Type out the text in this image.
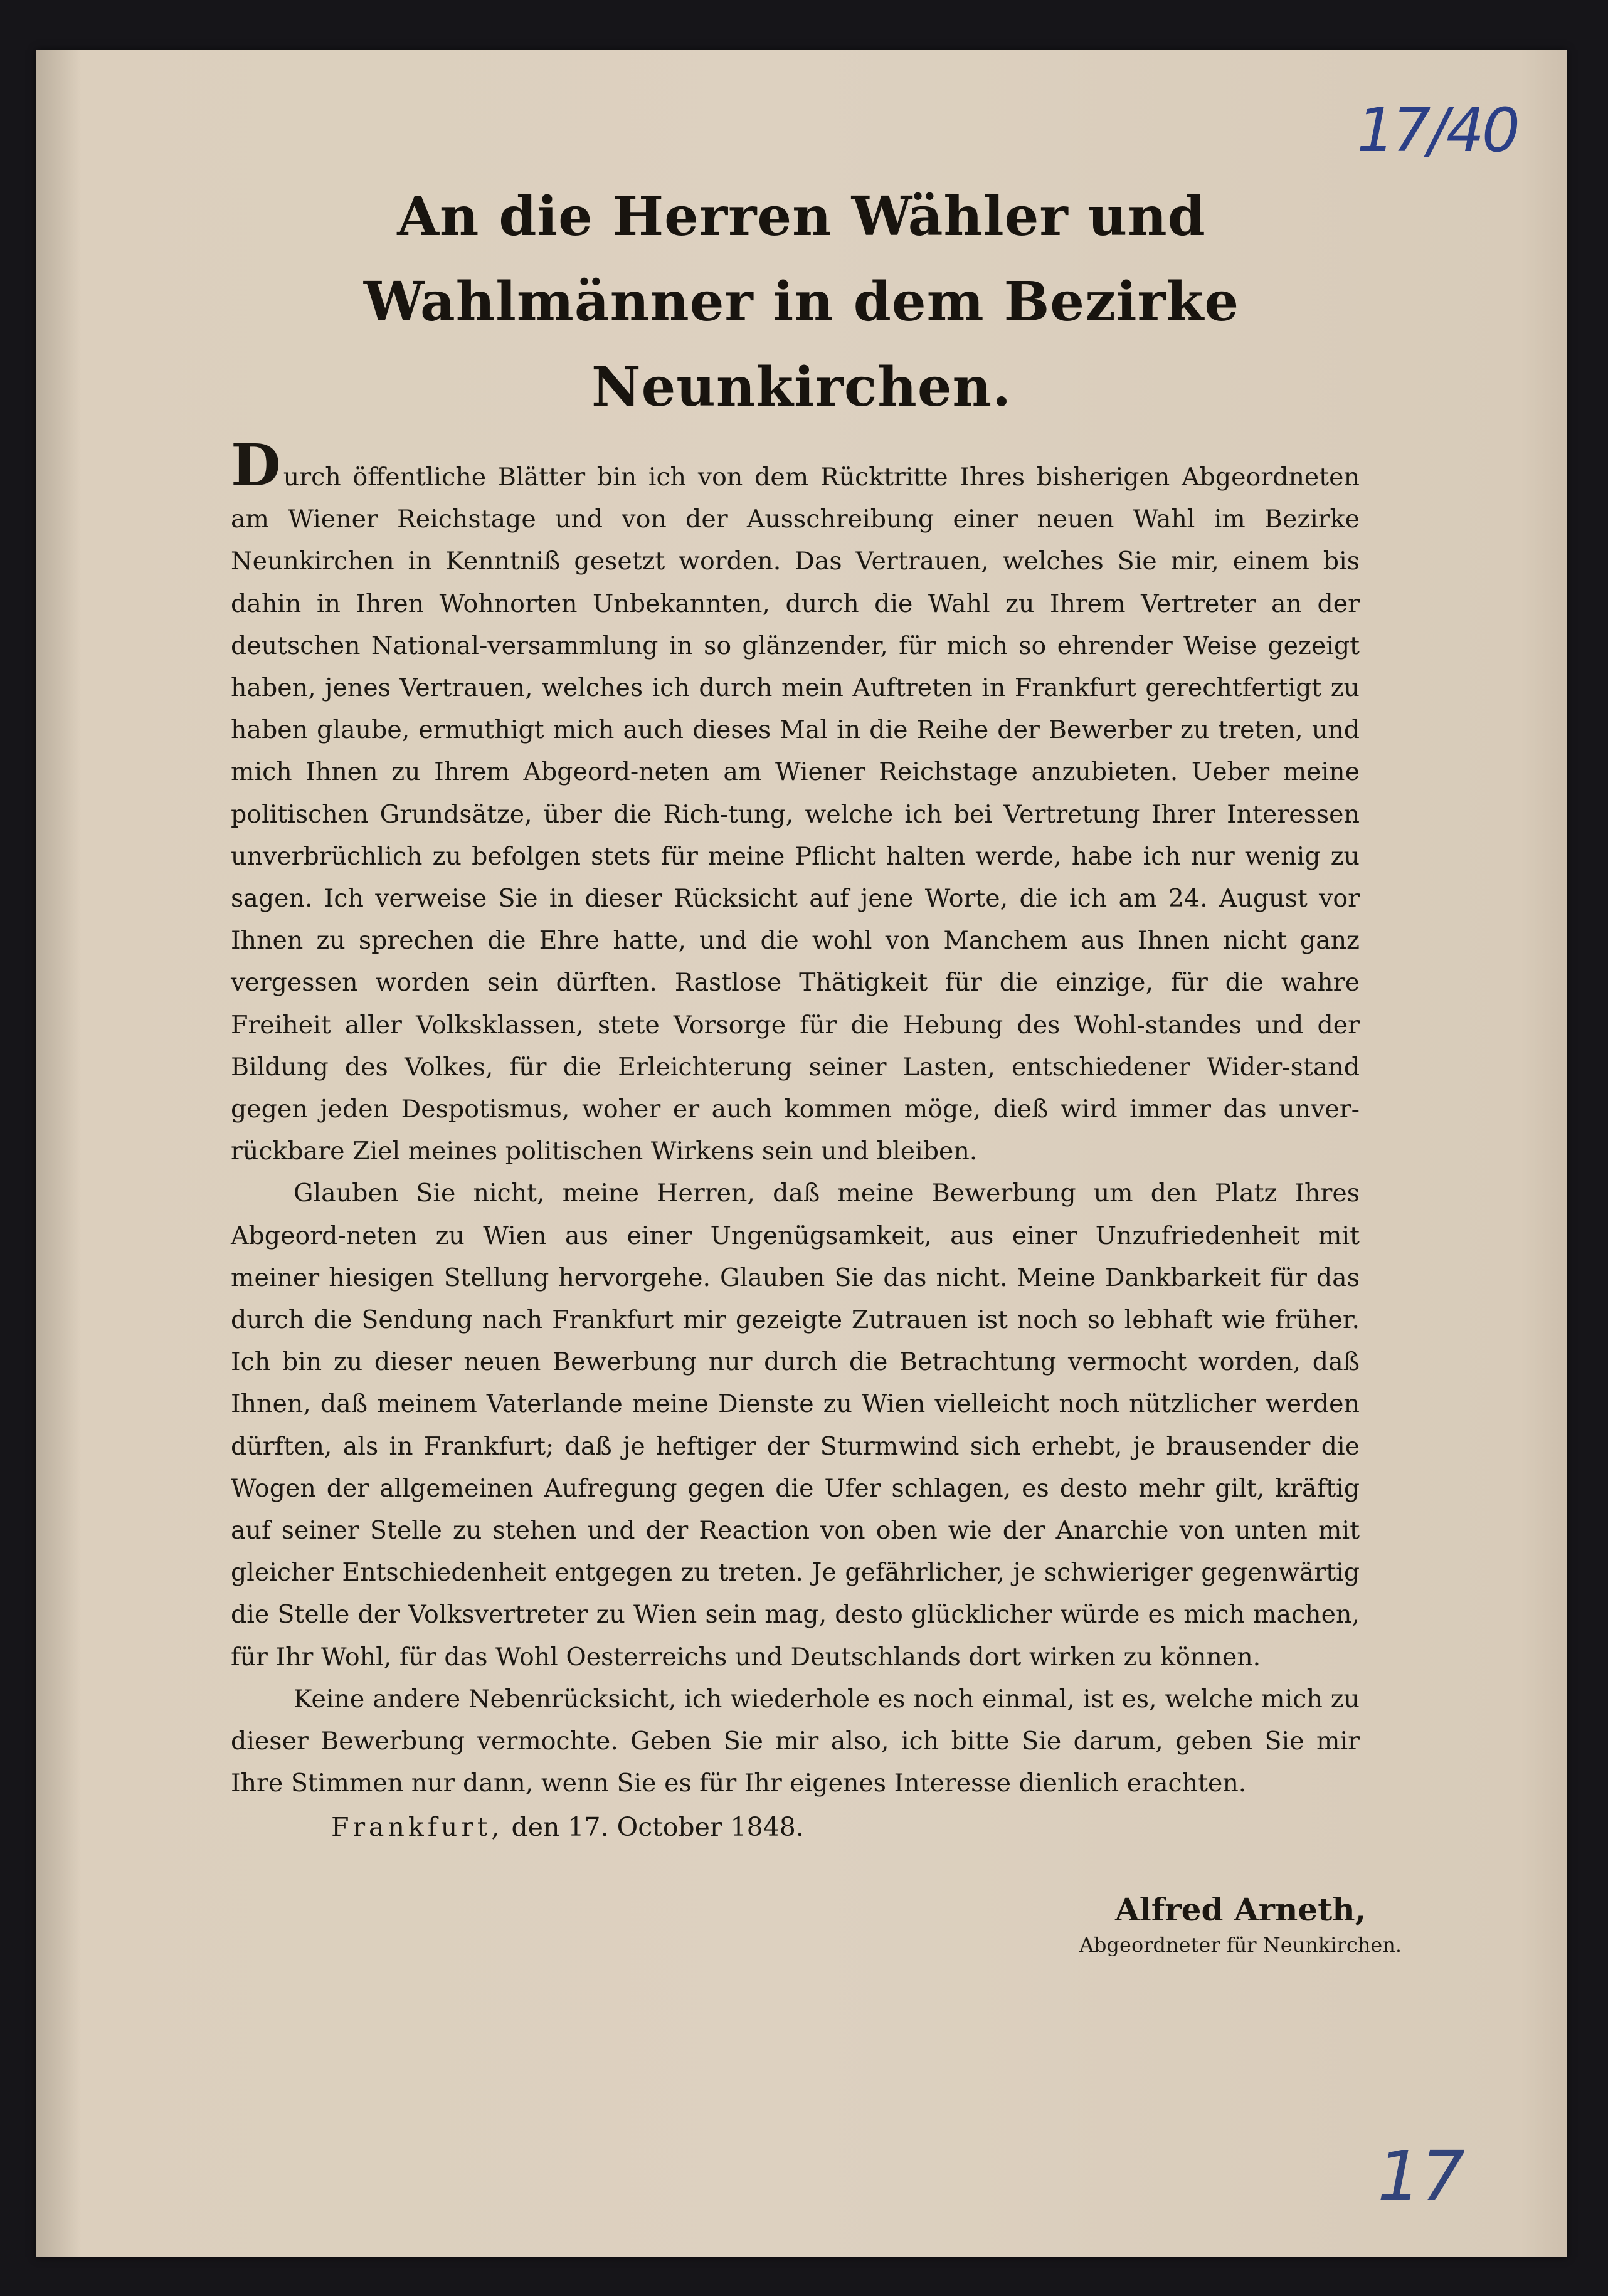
17/40
An die Herren Wähler und Wahlmänner in dem Bezirke Neunkirchen.

Durch öffentliche Blätter bin ich von dem Rücktritte Ihres bisherigen Abgeordneten am Wiener Reichstage und von der Ausschreibung einer neuen Wahl im Bezirke Neunkirchen in Kenntniß gesetzt worden. Das Vertrauen, welches Sie mir, einem bis dahin in Ihren Wohnorten Unbekannten, durch die Wahl zu Ihrem Vertreter an der deutschen National-versammlung in so glänzender, für mich so ehrender Weise gezeigt haben, jenes Vertrauen, welches ich durch mein Auftreten in Frankfurt gerechtfertigt zu haben glaube, ermuthigt mich auch dieses Mal in die Reihe der Bewerber zu treten, und mich Ihnen zu Ihrem Abgeord-neten am Wiener Reichstage anzubieten. Ueber meine politischen Grundsätze, über die Rich-tung, welche ich bei Vertretung Ihrer Interessen unverbrüchlich zu befolgen stets für meine Pflicht halten werde, habe ich nur wenig zu sagen. Ich verweise Sie in dieser Rücksicht auf jene Worte, die ich am 24. August vor Ihnen zu sprechen die Ehre hatte, und die wohl von Manchem aus Ihnen nicht ganz vergessen worden sein dürften. Rastlose Thätigkeit für die einzige, für die wahre Freiheit aller Volksklassen, stete Vorsorge für die Hebung des Wohl-standes und der Bildung des Volkes, für die Erleichterung seiner Lasten, entschiedener Wider-stand gegen jeden Despotismus, woher er auch kommen möge, dieß wird immer das unver-rückbare Ziel meines politischen Wirkens sein und bleiben.

Glauben Sie nicht, meine Herren, daß meine Bewerbung um den Platz Ihres Abgeord-neten zu Wien aus einer Ungenügsamkeit, aus einer Unzufriedenheit mit meiner hiesigen Stellung hervorgehe. Glauben Sie das nicht. Meine Dankbarkeit für das durch die Sendung nach Frankfurt mir gezeigte Zutrauen ist noch so lebhaft wie früher. Ich bin zu dieser neuen Bewerbung nur durch die Betrachtung vermocht worden, daß Ihnen, daß meinem Vaterlande meine Dienste zu Wien vielleicht noch nützlicher werden dürften, als in Frankfurt; daß je heftiger der Sturmwind sich erhebt, je brausender die Wogen der allgemeinen Aufregung gegen die Ufer schlagen, es desto mehr gilt, kräftig auf seiner Stelle zu stehen und der Reaction von oben wie der Anarchie von unten mit gleicher Entschiedenheit entgegen zu treten. Je gefährlicher, je schwieriger gegenwärtig die Stelle der Volksvertreter zu Wien sein mag, desto glücklicher würde es mich machen, für Ihr Wohl, für das Wohl Oesterreichs und Deutschlands dort wirken zu können.

Keine andere Nebenrücksicht, ich wiederhole es noch einmal, ist es, welche mich zu dieser Bewerbung vermochte. Geben Sie mir also, ich bitte Sie darum, geben Sie mir Ihre Stimmen nur dann, wenn Sie es für Ihr eigenes Interesse dienlich erachten.

Frankfurt, den 17. October 1848.
Alfred Arneth,
Abgeordneter für Neunkirchen.
17
